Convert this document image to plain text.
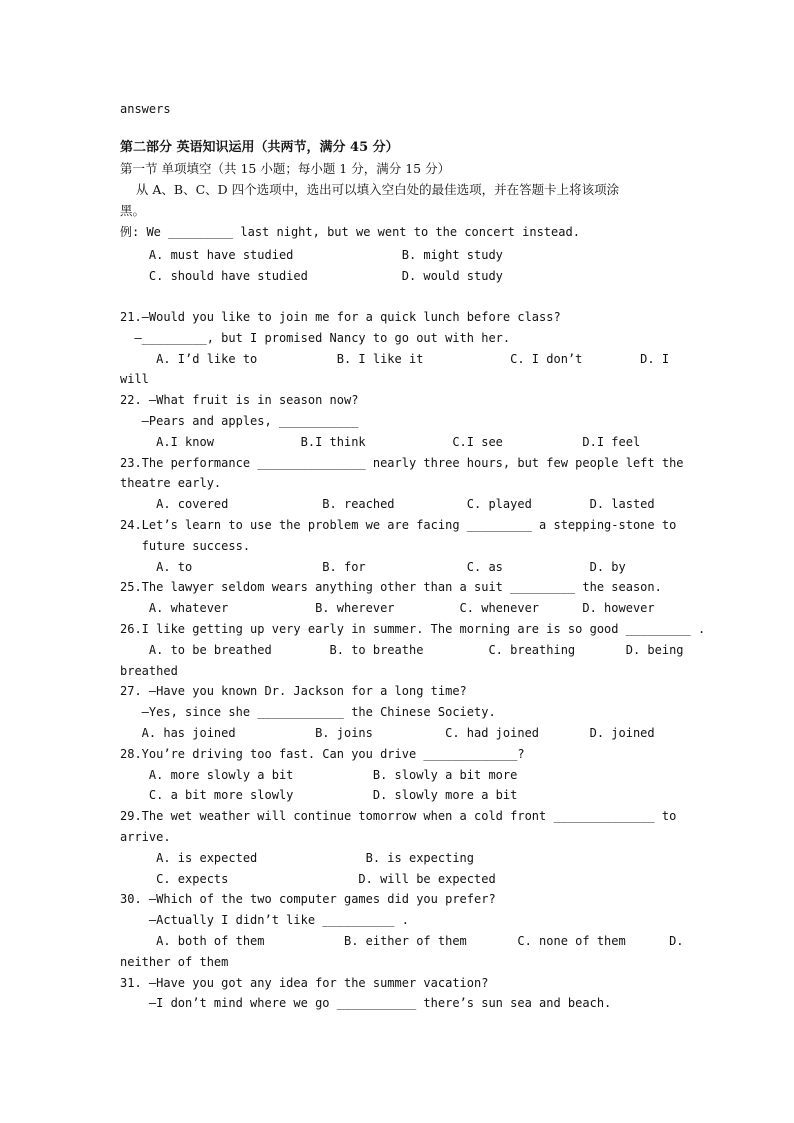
answers
第二部分 英语知识运用（共两节，满分 45 分）
第一节 单项填空（共 15 小题；每小题 1 分，满分 15 分）
从 A、B、C、D 四个选项中，选出可以填入空白处的最佳选项，并在答题卡上将该项涂
黑。
例: We _________ last night, but we went to the concert instead.
A. must have studied               B. might study
C. should have studied             D. would study
21.—Would you like to join me for a quick lunch before class?
—_________, but I promised Nancy to go out with her.
A. I’d like to           B. I like it            C. I don’t        D. I
will
22. —What fruit is in season now?
—Pears and apples, ___________
A.I know            B.I think            C.I see           D.I feel
23.The performance _______________ nearly three hours, but few people left the
theatre early.
A. covered             B. reached          C. played        D. lasted
24.Let’s learn to use the problem we are facing _________ a stepping-stone to
future success.
A. to                  B. for              C. as            D. by
25.The lawyer seldom wears anything other than a suit _________ the season.
A. whatever            B. wherever         C. whenever      D. however
26.I like getting up very early in summer. The morning are is so good _________ .
A. to be breathed        B. to breathe         C. breathing       D. being
breathed
27. —Have you known Dr. Jackson for a long time?
—Yes, since she ____________ the Chinese Society.
A. has joined           B. joins          C. had joined       D. joined
28.You’re driving too fast. Can you drive _____________?
A. more slowly a bit           B. slowly a bit more
C. a bit more slowly           D. slowly more a bit
29.The wet weather will continue tomorrow when a cold front ______________ to
arrive.
A. is expected               B. is expecting
C. expects                  D. will be expected
30. —Which of the two computer games did you prefer?
—Actually I didn’t like __________ .
A. both of them           B. either of them       C. none of them      D.
neither of them
31. —Have you got any idea for the summer vacation?
—I don’t mind where we go ___________ there’s sun sea and beach.
